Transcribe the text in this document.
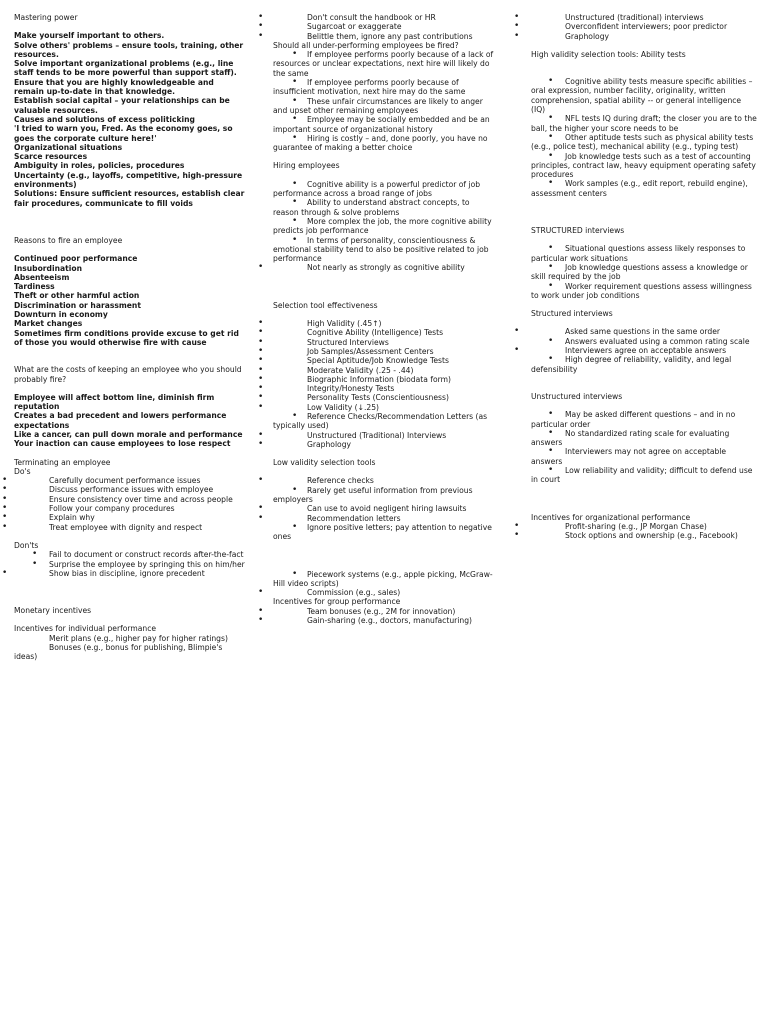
Mastering power

Make yourself important to others.

Solve others' problems – ensure tools, training, other resources.

Solve important organizational problems (e.g., line staff tends to be more powerful than support staff).

Ensure that you are highly knowledgeable and remain up-to-date in that knowledge.

Establish social capital – your relationships can be valuable resources.

Causes and solutions of excess politicking

'I tried to warn you, Fred. As the economy goes, so goes the corporate culture here!'

Organizational situations

Scarce resources

Ambiguity in roles, policies, procedures

Uncertainty (e.g., layoffs, competitive, high-pressure environments)

Solutions: Ensure sufficient resources, establish clear fair procedures, communicate to fill voids

Reasons to fire an employee

Continued poor performance

Insubordination

Absenteeism

Tardiness

Theft or other harmful action

Discrimination or harassment

Downturn in economy

Market changes

Sometimes firm conditions provide excuse to get rid of those you would otherwise fire with cause

What are the costs of keeping an employee who you should probably fire?

Employee will affect bottom line, diminish firm reputation

Creates a bad precedent and lowers performance expectations

Like a cancer, can pull down morale and performance

Your inaction can cause employees to lose respect

Terminating an employee

Do's

• Carefully document performance issues
• Discuss performance issues with employee
• Ensure consistency over time and across people
• Follow your company procedures
• Explain why
• Treat employee with dignity and respect

Don'ts

• Fail to document or construct records after-the-fact
• Surprise the employee by springing this on him/her
• Show bias in discipline, ignore precedent

Monetary incentives

Incentives for individual performance

Merit plans (e.g., higher pay for higher ratings)

Bonuses (e.g., bonus for publishing, Blimpie's ideas)

• Don't consult the handbook or HR
• Sugarcoat or exaggerate
• Belittle them, ignore any past contributions

Should all under-performing employees be fired?

• If employee performs poorly because of a lack of resources or unclear expectations, next hire will likely do the same
• If employee performs poorly because of insufficient motivation, next hire may do the same
• These unfair circumstances are likely to anger and upset other remaining employees
• Employee may be socially embedded and be an important source of organizational history
• Hiring is costly – and, done poorly, you have no guarantee of making a better choice

Hiring employees

• Cognitive ability is a powerful predictor of job performance across a broad range of jobs
• Ability to understand abstract concepts, to reason through & solve problems
• More complex the job, the more cognitive ability predicts job performance
• In terms of personality, conscientiousness & emotional stability tend to also be positive related to job performance
• Not nearly as strongly as cognitive ability

Selection tool effectiveness

• High Validity (.45↑)
• Cognitive Ability (Intelligence) Tests
• Structured Interviews
• Job Samples/Assessment Centers
• Special Aptitude/Job Knowledge Tests
• Moderate Validity (.25 - .44)
• Biographic Information (biodata form)
• Integrity/Honesty Tests
• Personality Tests (Conscientiousness)
• Low Validity (↓.25)
• Reference Checks/Recommendation Letters (as typically used)
• Unstructured (Traditional) Interviews
• Graphology

Low validity selection tools

• Reference checks
• Rarely get useful information from previous employers
• Can use to avoid negligent hiring lawsuits
• Recommendation letters
• Ignore positive letters; pay attention to negative ones
• Piecework systems (e.g., apple picking, McGraw-Hill video scripts)
• Commission (e.g., sales)

Incentives for group performance

• Team bonuses (e.g., 2M for innovation)
• Gain-sharing (e.g., doctors, manufacturing)
• Unstructured (traditional) interviews
• Overconfident interviewers; poor predictor
• Graphology

High validity selection tools: Ability tests

• Cognitive ability tests measure specific abilities – oral expression, number facility, originality, written comprehension, spatial ability -- or general intelligence (IQ)
• NFL tests IQ during draft; the closer you are to the ball, the higher your score needs to be
• Other aptitude tests such as physical ability tests (e.g., police test), mechanical ability (e.g., typing test)
• Job knowledge tests such as a test of accounting principles, contract law, heavy equipment operating safety procedures
• Work samples (e.g., edit report, rebuild engine), assessment centers

STRUCTURED interviews

• Situational questions assess likely responses to particular work situations
• Job knowledge questions assess a knowledge or skill required by the job
• Worker requirement questions assess willingness to work under job conditions

Structured interviews

• Asked same questions in the same order
• Answers evaluated using a common rating scale
• Interviewers agree on acceptable answers
• High degree of reliability, validity, and legal defensibility

Unstructured interviews

• May be asked different questions – and in no particular order
• No standardized rating scale for evaluating answers
• Interviewers may not agree on acceptable answers
• Low reliability and validity; difficult to defend use in court

Incentives for organizational performance

• Profit-sharing (e.g., JP Morgan Chase)
• Stock options and ownership (e.g., Facebook)
